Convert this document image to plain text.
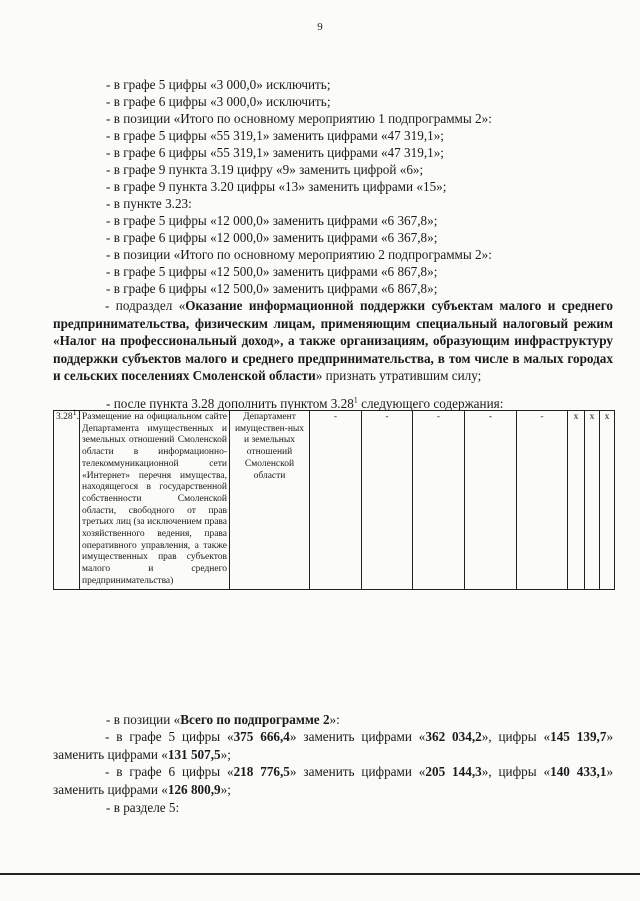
9
- в графе 5 цифры «3 000,0» исключить;
- в графе 6 цифры «3 000,0» исключить;
- в позиции «Итого по основному мероприятию 1 подпрограммы 2»:
- в графе 5 цифры «55 319,1» заменить цифрами «47 319,1»;
- в графе 6 цифры «55 319,1» заменить цифрами «47 319,1»;
- в графе 9 пункта 3.19 цифру «9» заменить цифрой «6»;
- в графе 9 пункта 3.20 цифры «13» заменить цифрами «15»;
- в пункте 3.23:
- в графе 5 цифры «12 000,0» заменить цифрами «6 367,8»;
- в графе 6 цифры «12 000,0» заменить цифрами «6 367,8»;
- в позиции «Итого по основному мероприятию 2 подпрограммы 2»:
- в графе 5 цифры «12 500,0» заменить цифрами «6 867,8»;
- в графе 6 цифры «12 500,0» заменить цифрами «6 867,8»;
- подраздел «Оказание информационной поддержки субъектам малого и среднего предпринимательства, физическим лицам, применяющим специальный налоговый режим «Налог на профессиональный доход», а также организациям, образующим инфраструктуру поддержки субъектов малого и среднего предпринимательства, в том числе в малых городах и сельских поселениях Смоленской области» признать утратившим силу;
- после пункта 3.28 дополнить пунктом 3.28$^1$ следующего содержания:
3.28$^1$.	Размещение на официальном сайте Департамента имущественных и земельных отношений Смоленской области в информационно-телекоммуникационной сети «Интернет» перечня имущества, находящегося в государственной собственности Смоленской области, свободного от прав третьих лиц (за исключением права хозяйственного ведения, права оперативного управления, а также имущественных прав субъектов малого и среднего предпринимательства)	Департамент имуществен-ных и земельных отношений Смоленской области	-	-	-	-	-	x	x	x
- в позиции «Всего по подпрограмме 2»:
- в графе 5 цифры «375 666,4» заменить цифрами «362 034,2», цифры «145 139,7» заменить цифрами «131 507,5»;
- в графе 6 цифры «218 776,5» заменить цифрами «205 144,3», цифры «140 433,1» заменить цифрами «126 800,9»;
- в разделе 5:
